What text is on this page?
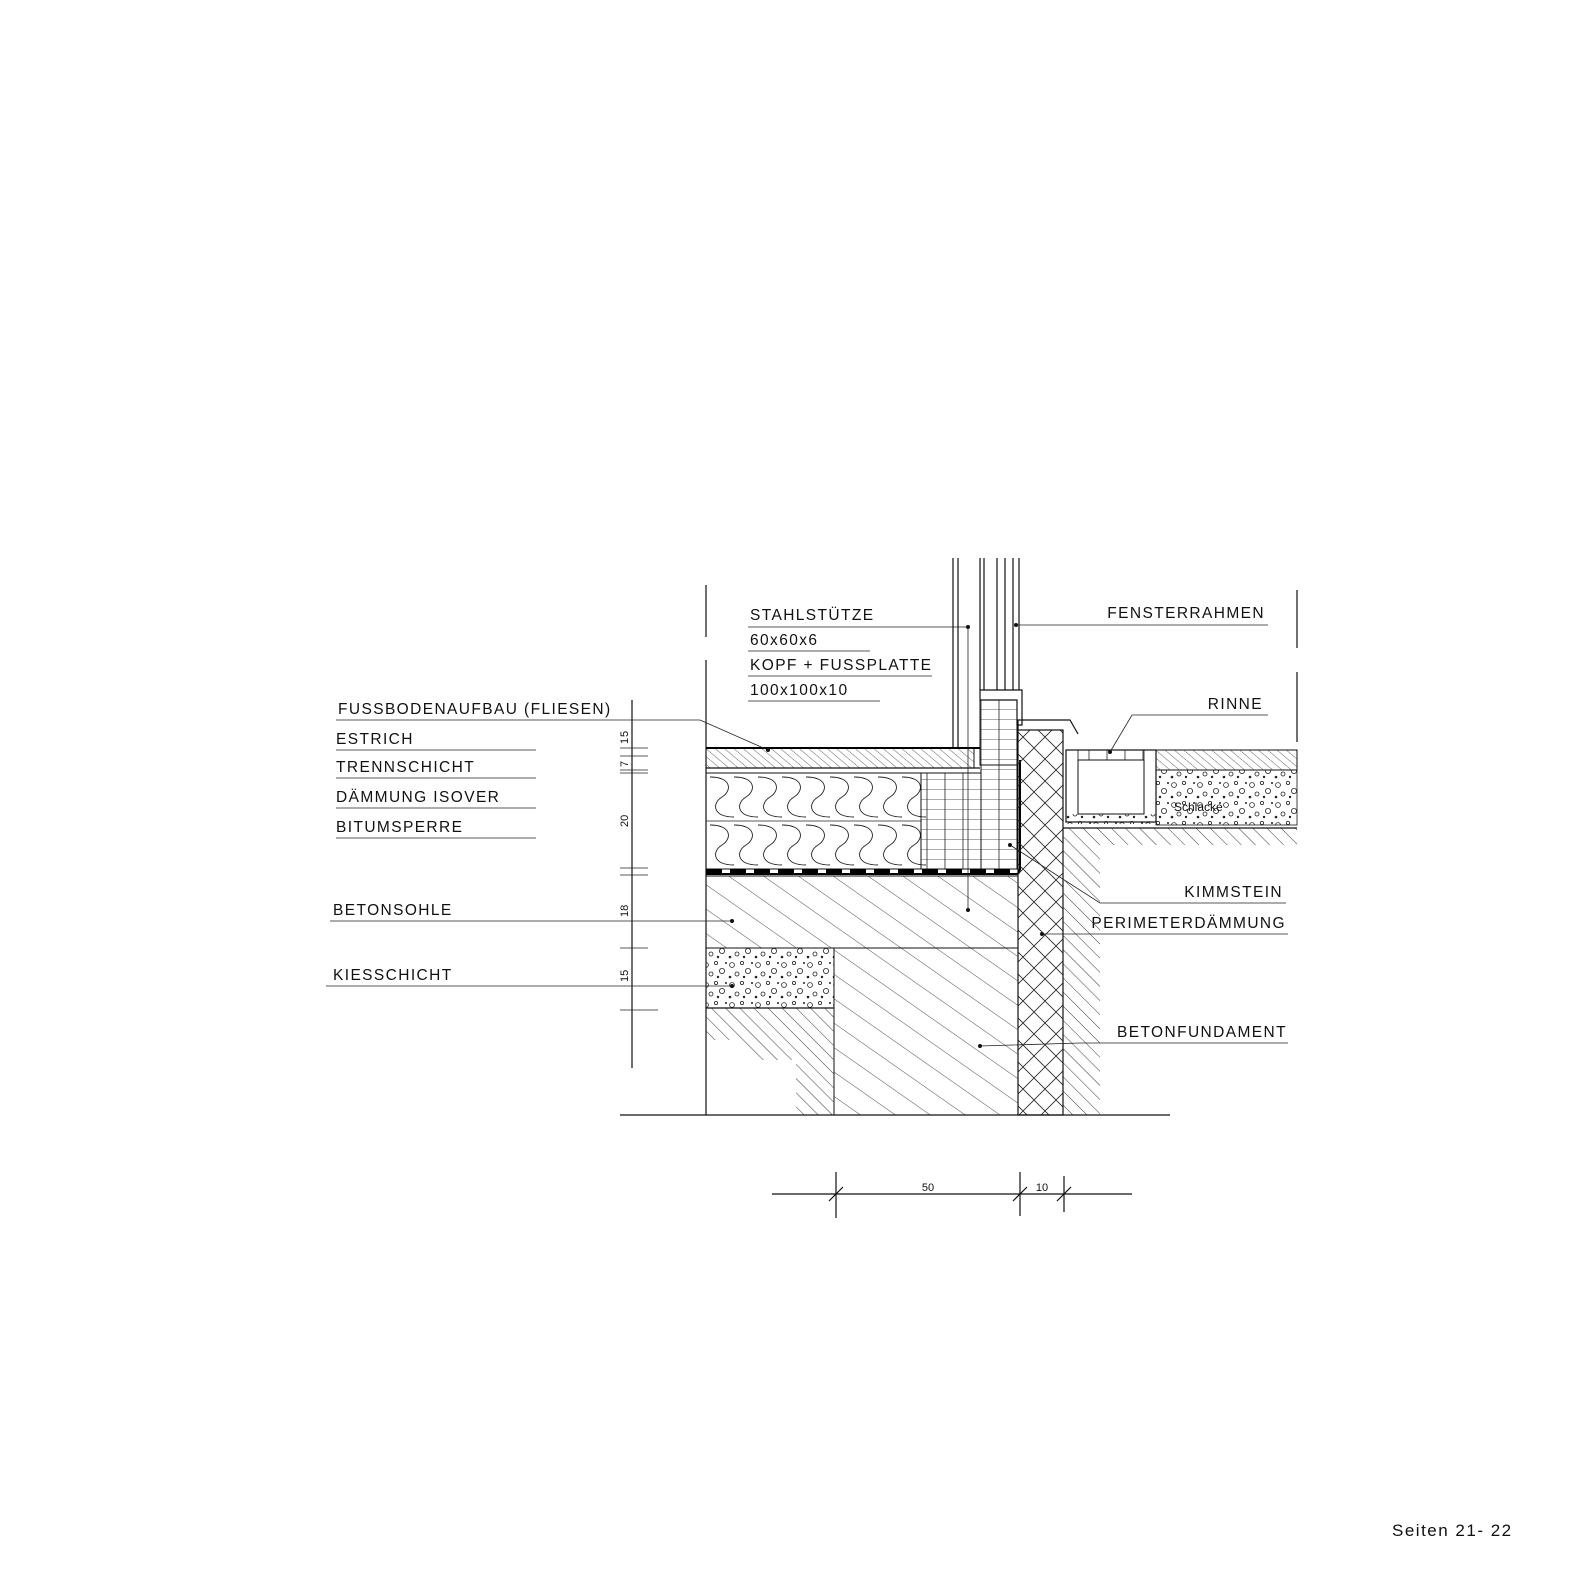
1
5
7
20
18
15
50	10
FUSSBODENAUFBAU (FLIESEN)
ESTRICH
TRENNSCHICHT
DÄMMUNG ISOVER
BITUMSPERRE
BETONSOHLE
KIESSCHICHT
STAHLSTÜTZE
60x60x6
KOPF + FUSSPLATTE
100x100x10
FENSTERRAHMEN
RINNE
Schlacke
KIMMSTEIN
PERIMETERDÄMMUNG
BETONFUNDAMENT
Seiten 21- 22
